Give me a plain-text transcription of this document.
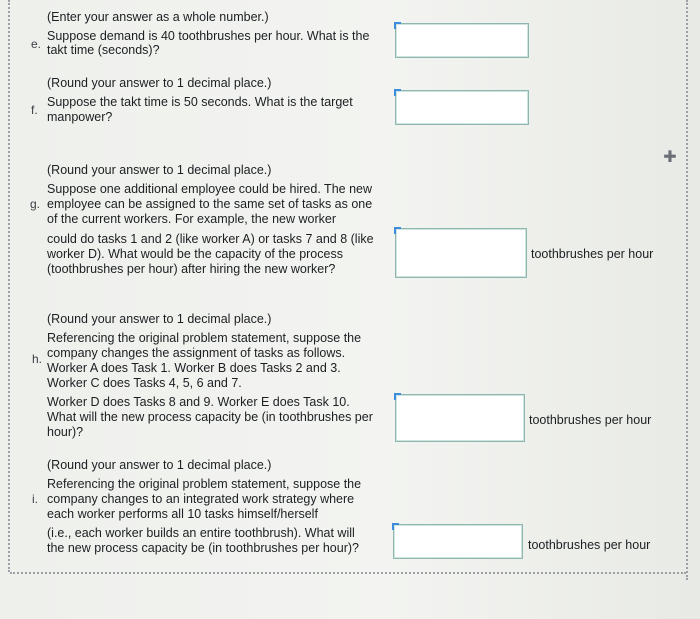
(Enter your answer as a whole number.)
e.
Suppose demand is 40 toothbrushes per hour. What is the
takt time (seconds)?
(Round your answer to 1 decimal place.)
f.
Suppose the takt time is 50 seconds. What is the target
manpower?
✚
(Round your answer to 1 decimal place.)
g.
Suppose one additional employee could be hired. The new
employee can be assigned to the same set of tasks as one
of the current workers. For example, the new worker
could do tasks 1 and 2 (like worker A) or tasks 7 and 8 (like
worker D). What would be the capacity of the process
(toothbrushes per hour) after hiring the new worker?
toothbrushes per hour
(Round your answer to 1 decimal place.)
h.
Referencing the original problem statement, suppose the
company changes the assignment of tasks as follows.
Worker A does Task 1. Worker B does Tasks 2 and 3.
Worker C does Tasks 4, 5, 6 and 7.
Worker D does Tasks 8 and 9. Worker E does Task 10.
What will the new process capacity be (in toothbrushes per
hour)?
toothbrushes per hour
(Round your answer to 1 decimal place.)
i.
Referencing the original problem statement, suppose the
company changes to an integrated work strategy where
each worker performs all 10 tasks himself/herself
(i.e., each worker builds an entire toothbrush). What will
the new process capacity be (in toothbrushes per hour)?	toothbrushes per hour
